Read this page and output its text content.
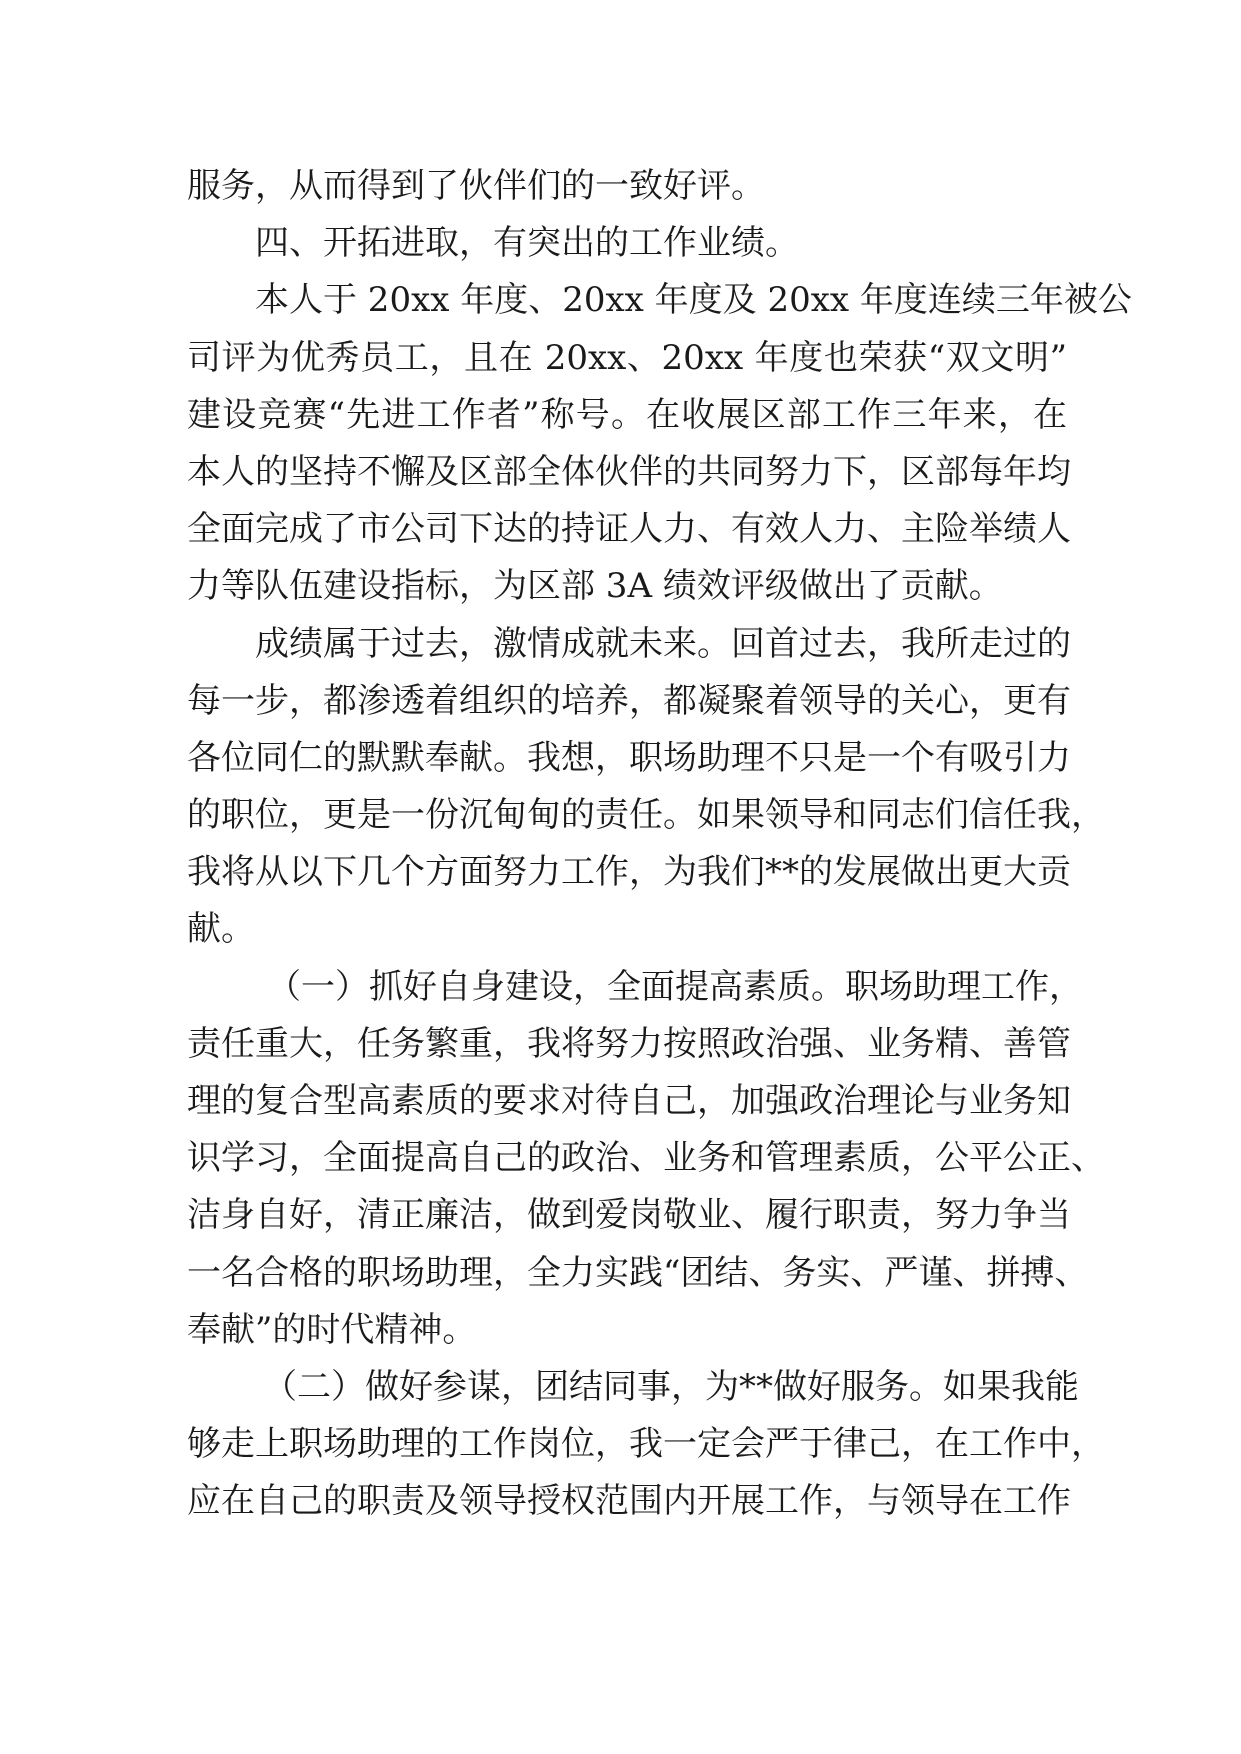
服务，从而得到了伙伴们的一致好评。
四、开拓进取，有突出的工作业绩。
本人于 20xx 年度、20xx 年度及 20xx 年度连续三年被公
司评为优秀员工，且在 20xx、20xx 年度也荣获“双文明”
建设竞赛“先进工作者”称号。在收展区部工作三年来，在
本人的坚持不懈及区部全体伙伴的共同努力下，区部每年均
全面完成了市公司下达的持证人力、有效人力、主险举绩人
力等队伍建设指标，为区部 3A 绩效评级做出了贡献。
成绩属于过去，激情成就未来。回首过去，我所走过的
每一步，都渗透着组织的培养，都凝聚着领导的关心，更有
各位同仁的默默奉献。我想，职场助理不只是一个有吸引力
的职位，更是一份沉甸甸的责任。如果领导和同志们信任我，
我将从以下几个方面努力工作，为我们**的发展做出更大贡
献。
（一）抓好自身建设，全面提高素质。职场助理工作，
责任重大，任务繁重，我将努力按照政治强、业务精、善管
理的复合型高素质的要求对待自己，加强政治理论与业务知
识学习，全面提高自己的政治、业务和管理素质，公平公正、
洁身自好，清正廉洁，做到爱岗敬业、履行职责，努力争当
一名合格的职场助理，全力实践“团结、务实、严谨、拼搏、
奉献”的时代精神。
（二）做好参谋，团结同事，为**做好服务。如果我能
够走上职场助理的工作岗位，我一定会严于律己，在工作中，
应在自己的职责及领导授权范围内开展工作，与领导在工作
